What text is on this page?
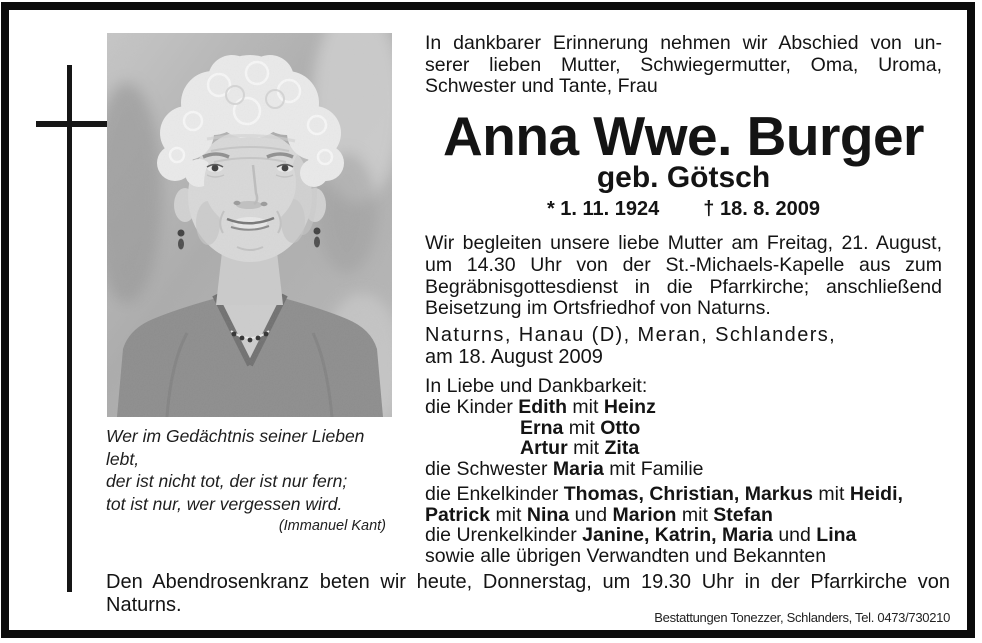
Wer im Gedächtnis seiner Lieben lebt,
der ist nicht tot, der ist nur fern;
tot ist nur, wer vergessen wird.
(Immanuel Kant)
In dankbarer Erinnerung nehmen wir Abschied von un-
serer lieben Mutter, Schwiegermutter, Oma, Uroma,
Schwester und Tante, Frau
Anna Wwe. Burger
geb. Götsch
* 1. 11. 1924 † 18. 8. 2009
Wir begleiten unsere liebe Mutter am Freitag, 21. August,
um 14.30 Uhr von der St.-Michaels-Kapelle aus zum
Begräbnisgottesdienst in die Pfarrkirche; anschließend
Beisetzung im Ortsfriedhof von Naturns.
Naturns, Hanau (D), Meran, Schlanders,
am 18. August 2009
In Liebe und Dankbarkeit:
die Kinder Edith mit Heinz
Erna mit Otto
Artur mit Zita
die Schwester Maria mit Familie
die Enkelkinder Thomas, Christian, Markus mit Heidi,
Patrick mit Nina und Marion mit Stefan
die Urenkelkinder Janine, Katrin, Maria und Lina
sowie alle übrigen Verwandten und Bekannten
Den Abendrosenkranz beten wir heute, Donnerstag, um 19.30 Uhr in der Pfarrkirche von
Naturns.
Bestattungen Tonezzer, Schlanders, Tel. 0473/730210
